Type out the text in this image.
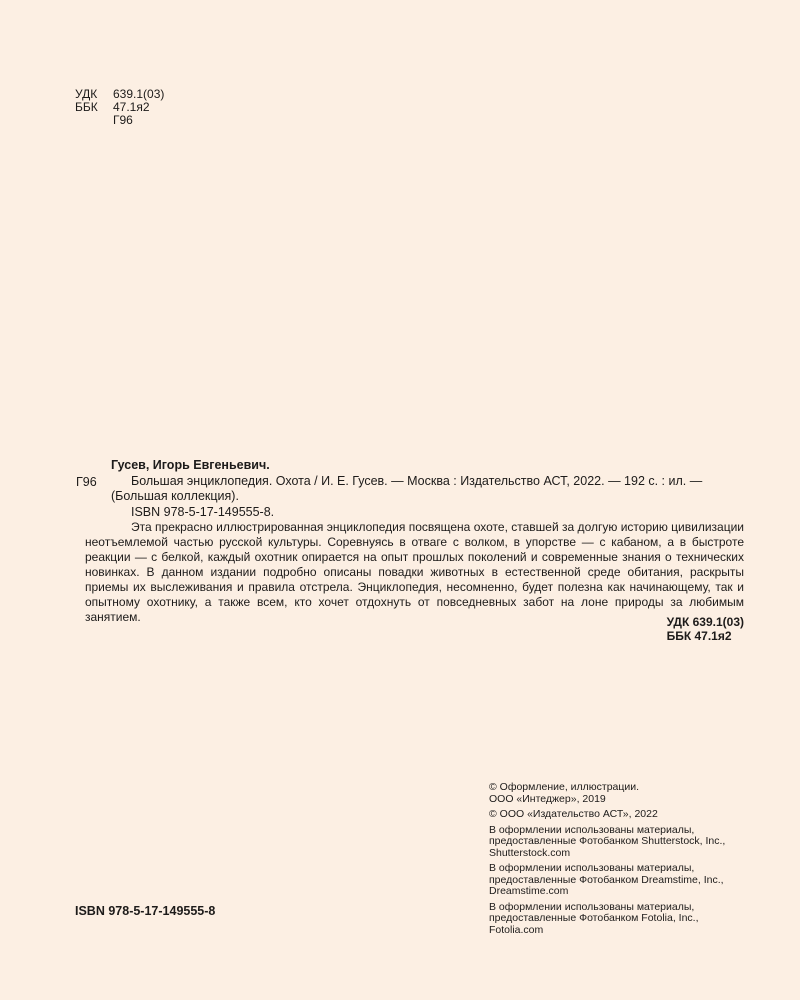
УДК	639.1(03)
ББК	47.1я2
	Г96
Гусев, Игорь Евгеньевич.
Г96	Большая энциклопедия. Охота / И. Е. Гусев. — Москва : Издательство АСТ, 2022. — 192 с. : ил. — (Большая коллекция).
ISBN 978-5-17-149555-8.
Эта прекрасно иллюстрированная энциклопедия посвящена охоте, ставшей за долгую историю цивилизации неотъемлемой частью русской культуры. Соревнуясь в отваге с волком, в упорстве — с кабаном, а в быстроте реакции — с белкой, каждый охотник опирается на опыт прошлых поколений и современные знания о технических новинках. В данном издании подробно описаны повадки животных в естественной среде обитания, раскрыты приемы их выслеживания и правила отстрела. Энциклопедия, несомненно, будет полезна как начинающему, так и опытному охотнику, а также всем, кто хочет отдохнуть от повседневных забот на лоне природы за любимым занятием.	УДК 639.1(03)
ББК 47.1я2

© Оформление, иллюстрации.
ООО «Интеджер», 2019

© ООО «Издательство АСТ», 2022

В оформлении использованы материалы, предоставленные Фотобанком Shutterstock, Inc., Shutterstock.com

В оформлении использованы материалы, предоставленные Фотобанком Dreamstime, Inc., Dreamstime.com

В оформлении использованы материалы, предоставленные Фотобанком Fotolia, Inc., Fotolia.com

ISBN 978-5-17-149555-8
